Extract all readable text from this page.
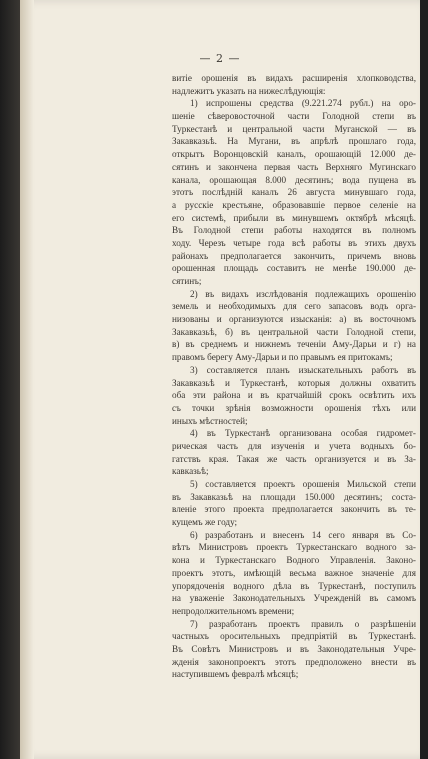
— 2 —
витіе орошенія въ видахъ расширенія хлопководства,
надлежитъ указать на нижеслѣдующія:
1) испрошены средства (9.221.274 рубл.) на оро-
шеніе сѣверовосточной части Голодной степи въ
Туркестанѣ и центральной части Муганской — въ
Закавказьѣ. На Мугани, въ апрѣлѣ прошлаго года,
открытъ Воронцовскій каналъ, орошающій 12.000 де-
сятинъ и закончена первая часть Верхняго Мугинскаго
канала, орошающая 8.000 десятинъ; вода пущена въ
этотъ послѣдній каналъ 26 августа минувшаго года,
а русскіе крестьяне, образовавшіе первое селеніе на
его системѣ, прибыли въ минувшемъ октябрѣ мѣсяцѣ.
Въ Голодной степи работы находятся въ полномъ
ходу. Черезъ четыре года всѣ работы въ этихъ двухъ
районахъ предполагается закончить, причемъ вновь
орошенная площадь составитъ не менѣе 190.000 де-
сятинъ;
2) въ видахъ изслѣдованія подлежащихъ орошенію
земель и необходимыхъ для сего запасовъ водъ орга-
низованы и организуются изысканія: а) въ восточномъ
Закавказьѣ, б) въ центральной части Голодной степи,
в) въ среднемъ и нижнемъ теченіи Аму-Дарьи и г) на
правомъ берегу Аму-Дарьи и по правымъ ея притокамъ;
3) составляется планъ изыскательныхъ работъ въ
Закавказьѣ и Туркестанѣ, которыя должны охватить
оба эти района и въ кратчайшій срокъ освѣтить ихъ
съ точки зрѣнія возможности орошенія тѣхъ или
иныхъ мѣстностей;
4) въ Туркестанѣ организована особая гидромет-
рическая часть для изученія и учета водныхъ бо-
гатствъ края. Такая же часть организуется и въ За-
кавказьѣ;
5) составляется проектъ орошенія Мильской степи
въ Закавказьѣ на площади 150.000 десятинъ; соста-
вленіе этого проекта предполагается закончить въ те-
кущемъ же году;
6) разработанъ и внесенъ 14 сего января въ Со-
вѣтъ Министровъ проектъ Туркестанскаго водного за-
кона и Туркестанскаго Водного Управленія. Законо-
проектъ этотъ, имѣющій весьма важное значеніе для
упорядоченія водного дѣла въ Туркестанѣ, поступилъ
на уваженіе Законодательныхъ Учрежденій въ самомъ
непродолжительномъ времени;
7) разработанъ проектъ правилъ о разрѣшеніи
частныхъ оросительныхъ предпріятій въ Туркестанѣ.
Въ Совѣтъ Министровъ и въ Законодательныя Учре-
жденія законопроектъ этотъ предположено внести въ
наступившемъ февралѣ мѣсяцѣ;
